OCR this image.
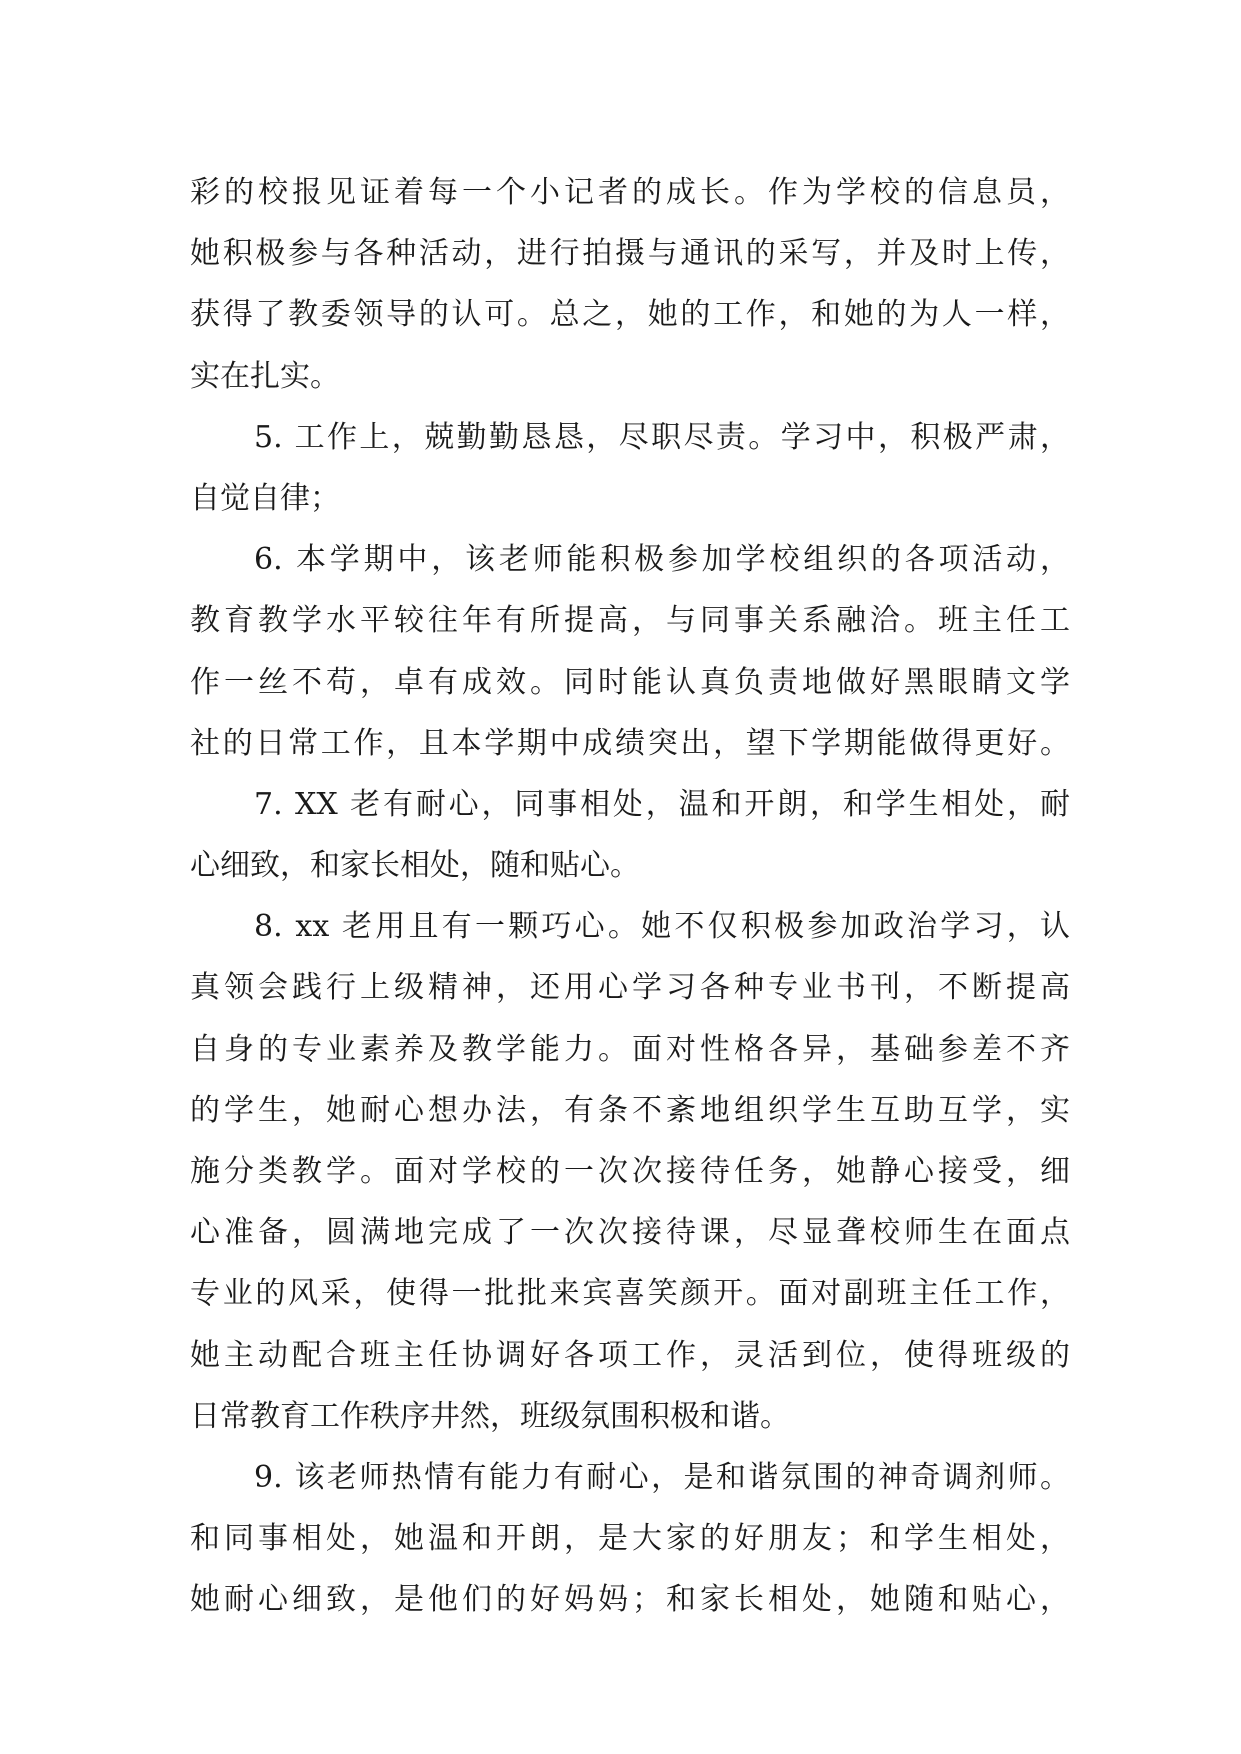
彩的校报见证着每一个小记者的成长。作为学校的信息员，
她积极参与各种活动，进行拍摄与通讯的采写，并及时上传，
获得了教委领导的认可。总之，她的工作，和她的为人一样，
实在扎实。
5. 工作上，兢勤勤恳恳，尽职尽责。学习中，积极严肃，
自觉自律；
6. 本学期中，该老师能积极参加学校组织的各项活动，
教育教学水平较往年有所提高，与同事关系融洽。班主任工
作一丝不苟，卓有成效。同时能认真负责地做好黑眼睛文学
社的日常工作，且本学期中成绩突出，望下学期能做得更好。
7. XX 老有耐心，同事相处，温和开朗，和学生相处，耐
心细致，和家长相处，随和贴心。
8. xx 老用且有一颗巧心。她不仅积极参加政治学习，认
真领会践行上级精神，还用心学习各种专业书刊，不断提高
自身的专业素养及教学能力。面对性格各异，基础参差不齐
的学生，她耐心想办法，有条不紊地组织学生互助互学，实
施分类教学。面对学校的一次次接待任务，她静心接受，细
心准备，圆满地完成了一次次接待课，尽显聋校师生在面点
专业的风采，使得一批批来宾喜笑颜开。面对副班主任工作，
她主动配合班主任协调好各项工作，灵活到位，使得班级的
日常教育工作秩序井然，班级氛围积极和谐。
9. 该老师热情有能力有耐心，是和谐氛围的神奇调剂师。
和同事相处，她温和开朗，是大家的好朋友；和学生相处，
她耐心细致，是他们的好妈妈；和家长相处，她随和贴心，
